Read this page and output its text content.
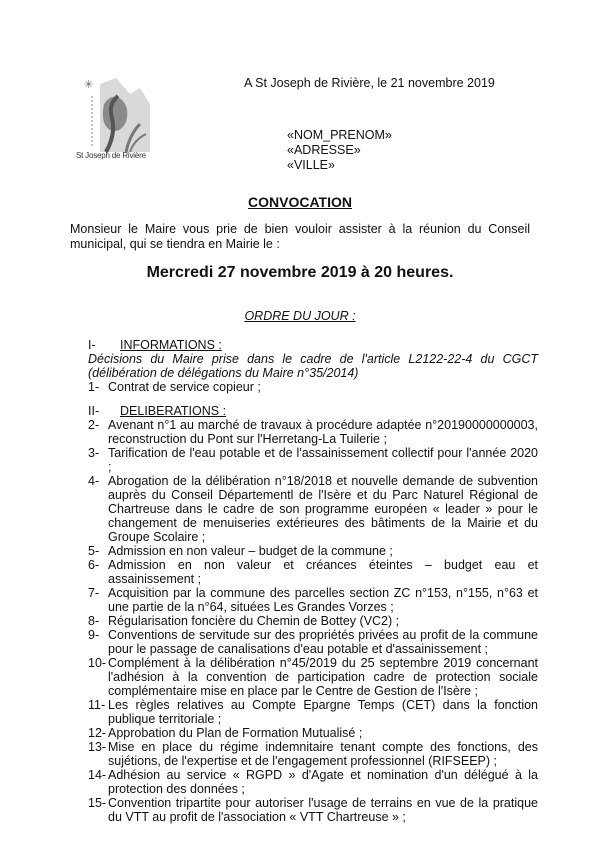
✳
St Joseph de Rivière
A St Joseph de Rivière, le 21 novembre 2019
«NOM_PRENOM»
«ADRESSE»
«VILLE»
CONVOCATION
Monsieur le Maire vous prie de bien vouloir assister à la réunion du Conseil municipal, qui se tiendra en Mairie le :
Mercredi 27 novembre 2019 à 20 heures.
ORDRE DU JOUR :
I-	INFORMATIONS :
Décisions du Maire prise dans le cadre de l'article L2122-22-4 du CGCT (délibération de délégations du Maire n°35/2014)
1- Contrat de service copieur ;
II-	DELIBERATIONS :
2- Avenant n°1 au marché de travaux à procédure adaptée n°20190000000003, reconstruction du Pont sur l'Herretang-La Tuilerie ;
3- Tarification de l'eau potable et de l'assainissement collectif pour l'année 2020 ;
4- Abrogation de la délibération n°18/2018 et nouvelle demande de subvention auprès du Conseil Départementl de l'Isère et du Parc Naturel Régional de Chartreuse dans le cadre de son programme européen « leader » pour le changement de menuiseries extérieures des bâtiments de la Mairie et du Groupe Scolaire ;
5- Admission en non valeur – budget de la commune ;
6- Admission en non valeur et créances éteintes – budget eau et assainissement ;
7- Acquisition par la commune des parcelles section ZC n°153, n°155, n°63 et une partie de la n°64, situées Les Grandes Vorzes ;
8- Régularisation foncière du Chemin de Bottey (VC2) ;
9- Conventions de servitude sur des propriétés privées au profit de la commune pour le passage de canalisations d'eau potable et d'assainissement ;
10- Complément à la délibération n°45/2019 du 25 septembre 2019 concernant l'adhésion à la convention de participation cadre de protection sociale complémentaire mise en place par le Centre de Gestion de l'Isère ;
11- Les règles relatives au Compte Epargne Temps (CET) dans la fonction publique territoriale ;
12- Approbation du Plan de Formation Mutualisé ;
13- Mise en place du régime indemnitaire tenant compte des fonctions, des sujétions, de l'expertise et de l'engagement professionnel (RIFSEEP) ;
14- Adhésion au service « RGPD » d'Agate et nomination d'un délégué à la protection des données ;
15- Convention tripartite pour autoriser l'usage de terrains en vue de la pratique du VTT au profit de l'association « VTT Chartreuse » ;
